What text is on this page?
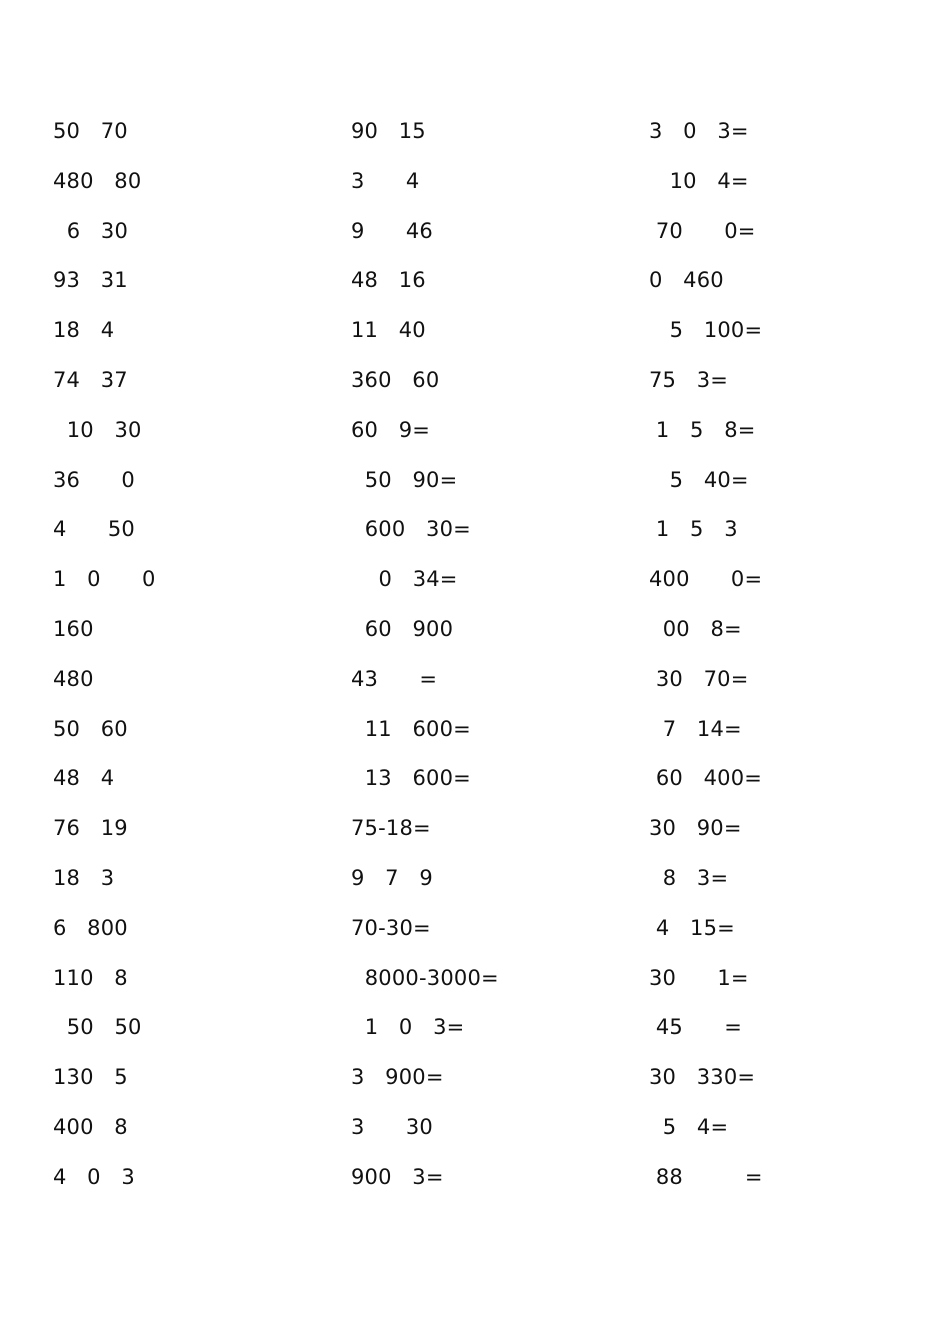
50   70
480   80
6   30
93   31
18   4
74   37
10   30
36      0
4      50
1   0      0
160
480
50   60
48   4
76   19
18   3
6   800
110   8
50   50
130   5
400   8
4   0   3
90   15
3      4
9      46
48   16
11   40
360   60
60   9=
50   90=
600   30=
0   34=
60   900
43      =
11   600=
13   600=
75-18=
9   7   9
70-30=
8000-3000=
1   0   3=
3   900=
3      30
900   3=
3   0   3=
10   4=
70      0=
0   460
5   100=
75   3=
1   5   8=
5   40=
1   5   3
400      0=
00   8=
30   70=
7   14=
60   400=
30   90=
8   3=
4   15=
30      1=
45      =
30   330=
5   4=
88         =
